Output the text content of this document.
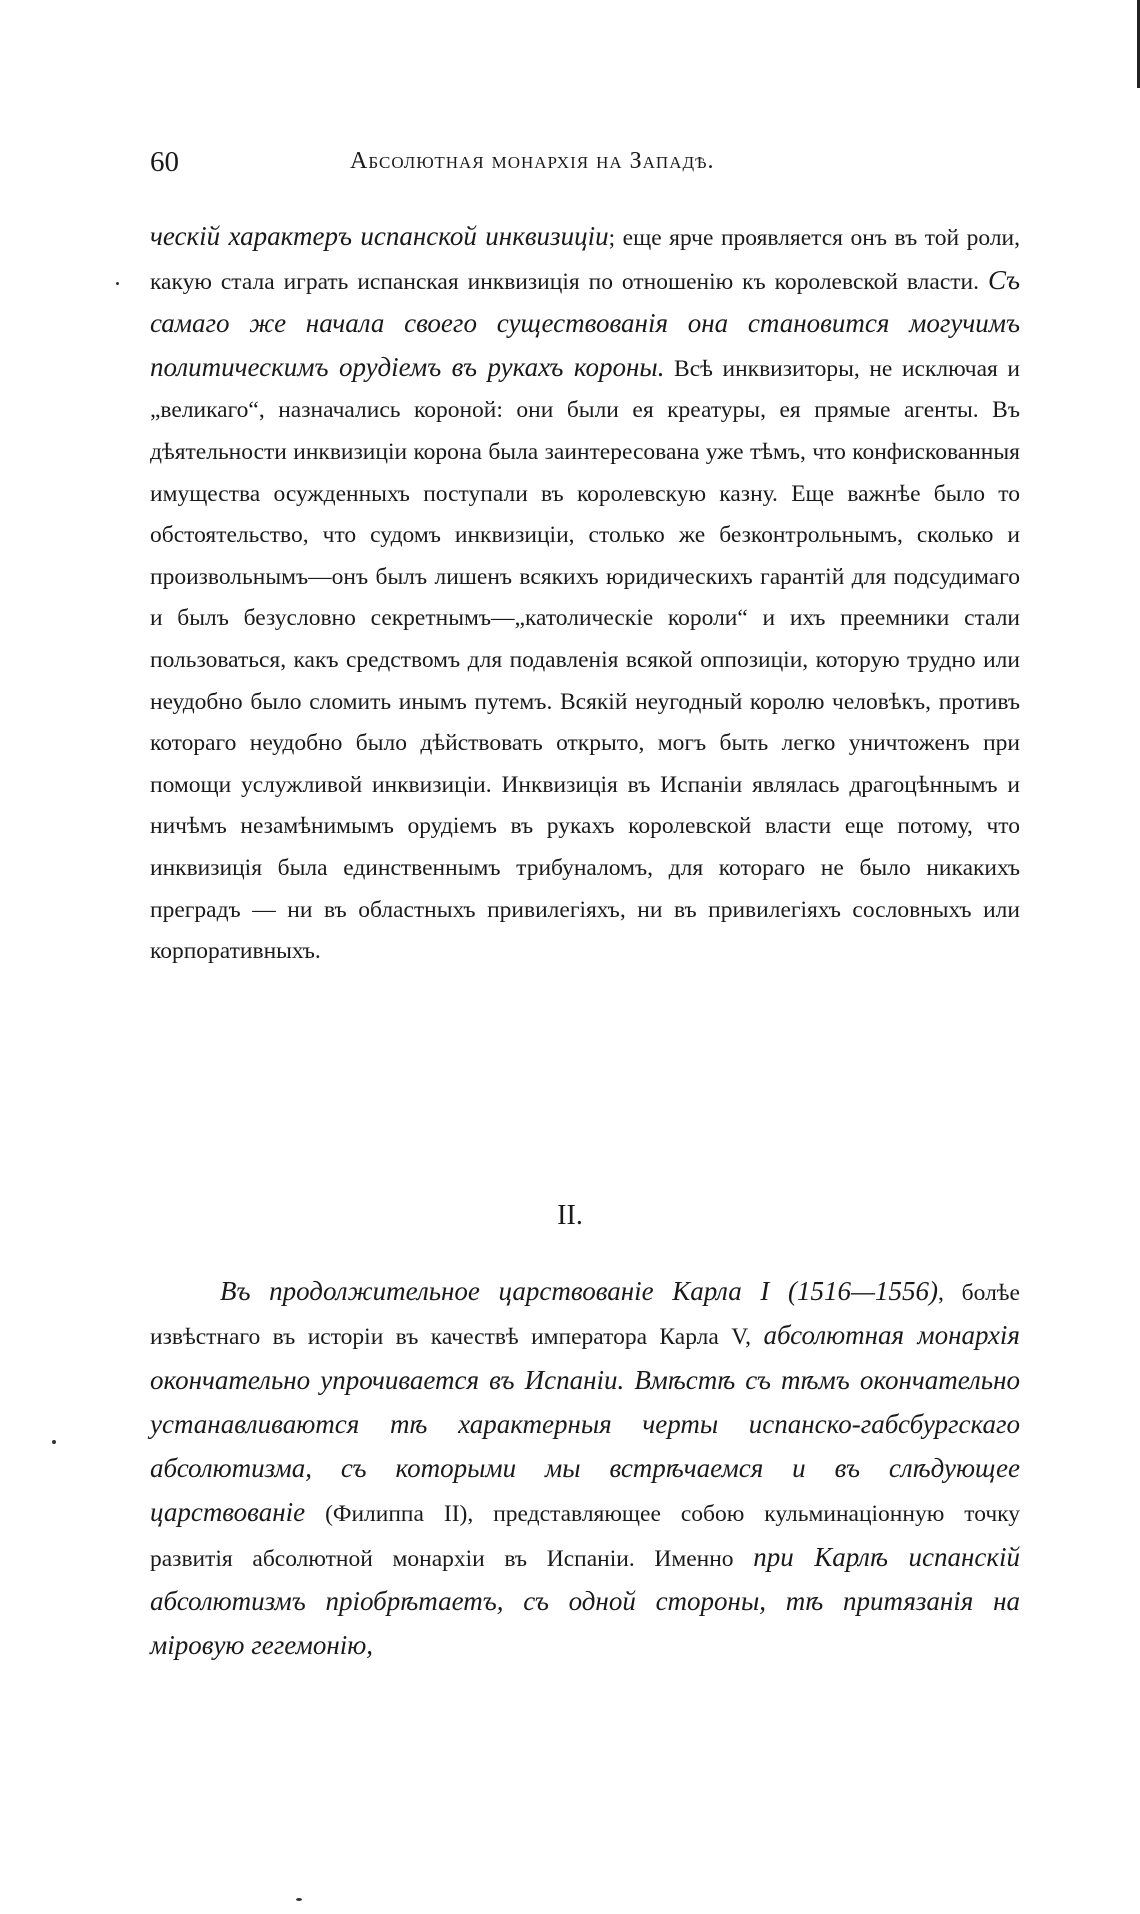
60	Абсолютная монархія на Западѣ.

ческій характеръ испанской инквизиціи; еще ярче проявляется онъ въ той роли, какую стала играть испанская инквизиція по отношенію къ королевской власти. Съ самаго же начала своего существованія она становится могучимъ политическимъ орудіемъ въ рукахъ короны. Всѣ инквизиторы, не исключая и „великаго“, назначались короной: они были ея креатуры, ея прямые агенты. Въ дѣятельности инквизиціи корона была заинтересована уже тѣмъ, что конфискованныя имущества осужденныхъ поступали въ королевскую казну. Еще важнѣе было то обстоятельство, что судомъ инквизиціи, столько же безконтрольнымъ, сколько и произвольнымъ—онъ былъ лишенъ всякихъ юридическихъ гарантій для подсудимаго и былъ безусловно секретнымъ—„католическіе короли“ и ихъ преемники стали пользоваться, какъ средствомъ для подавленія всякой оппозиціи, которую трудно или неудобно было сломить инымъ путемъ. Всякій неугодный королю человѣкъ, противъ котораго неудобно было дѣйствовать открыто, могъ быть легко уничтоженъ при помощи услужливой инквизиціи. Инквизиція въ Испаніи являлась драгоцѣннымъ и ничѣмъ незамѣнимымъ орудіемъ въ рукахъ королевской власти еще потому, что инквизиція была единственнымъ трибуналомъ, для котораго не было никакихъ преградъ — ни въ областныхъ привилегіяхъ, ни въ привилегіяхъ сословныхъ или корпоративныхъ.

II.

Въ продолжительное царствованіе Карла I (1516—1556), болѣе извѣстнаго въ исторіи въ качествѣ императора Карла V, абсолютная монархія окончательно упрочивается въ Испаніи. Вмѣстѣ съ тѣмъ окончательно устанавливаются тѣ характерныя черты испанско-габсбургскаго абсолютизма, съ которыми мы встрѣчаемся и въ слѣдующее царствованіе (Филиппа II), представляющее собою кульминаціонную точку развитія абсолютной монархіи въ Испаніи. Именно при Карлѣ испанскій абсолютизмъ пріобрѣтаетъ, съ одной стороны, тѣ притязанія на міровую гегемонію,
